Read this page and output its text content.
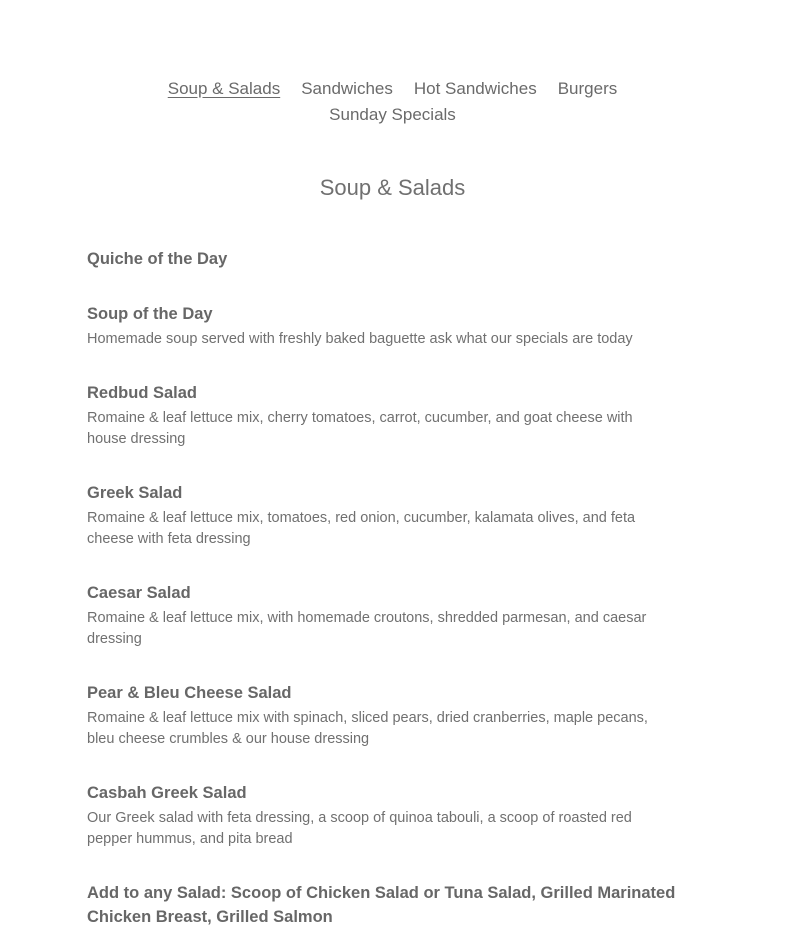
Soup & Salads Sandwiches Hot Sandwiches Burgers
Sunday Specials
Soup & Salads
Quiche of the Day
Soup of the Day
Homemade soup served with freshly baked baguette ask what our specials are today
Redbud Salad
Romaine & leaf lettuce mix, cherry tomatoes, carrot, cucumber, and goat cheese with house dressing
Greek Salad
Romaine & leaf lettuce mix, tomatoes, red onion, cucumber, kalamata olives, and feta cheese with feta dressing
Caesar Salad
Romaine & leaf lettuce mix, with homemade croutons, shredded parmesan, and caesar dressing
Pear & Bleu Cheese Salad
Romaine & leaf lettuce mix with spinach, sliced pears, dried cranberries, maple pecans, bleu cheese crumbles & our house dressing
Casbah Greek Salad
Our Greek salad with feta dressing, a scoop of quinoa tabouli, a scoop of roasted red pepper hummus, and pita bread
Add to any Salad: Scoop of Chicken Salad or Tuna Salad, Grilled Marinated Chicken Breast, Grilled Salmon
